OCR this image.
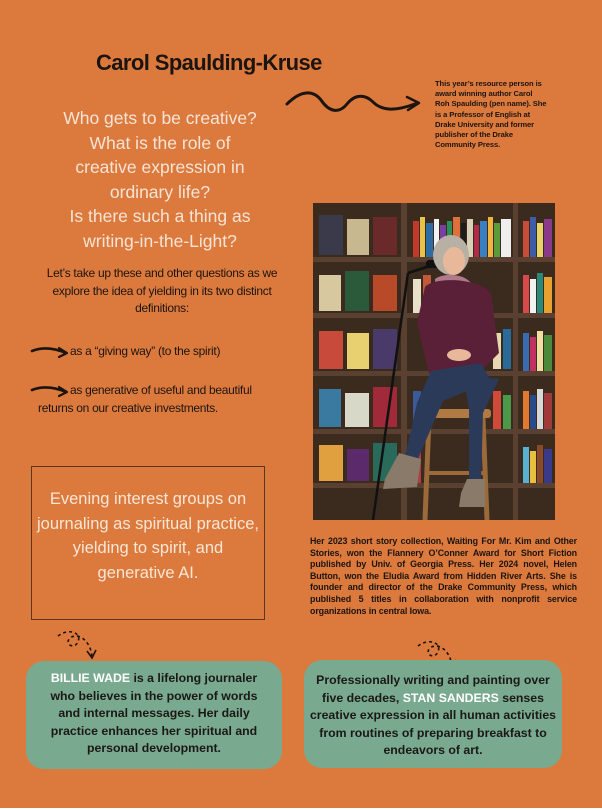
Carol Spaulding-Kruse
Who gets to be creative?
What is the role of
creative expression in
ordinary life?
Is there such a thing as
writing-in-the-Light?
This year’s resource person is award winning author Carol Roh Spaulding (pen name). She is a Professor of English at Drake University and former publisher of the Drake Community Press.
Let’s take up these and other questions as we explore the idea of yielding in its two distinct definitions:
as a “giving way” (to the spirit)
as generative of useful and beautiful
returns on our creative investments.
Evening interest groups on journaling as spiritual practice, yielding to spirit, and generative AI.
Her 2023 short story collection, Waiting For Mr. Kim and Other Stories, won the Flannery O’Conner Award for Short Fiction published by Univ. of Georgia Press. Her 2024 novel, Helen Button, won the Eludia Award from Hidden River Arts. She is founder and director of the Drake Community Press, which published 5 titles in collaboration with nonprofit service organizations in central Iowa.
BILLIE WADE is a lifelong journaler
who believes in the power of words
and internal messages. Her daily
practice enhances her spiritual and
personal development.
Professionally writing and painting over
five decades, STAN SANDERS senses
creative expression in all human activities
from routines of preparing breakfast to
endeavors of art.
